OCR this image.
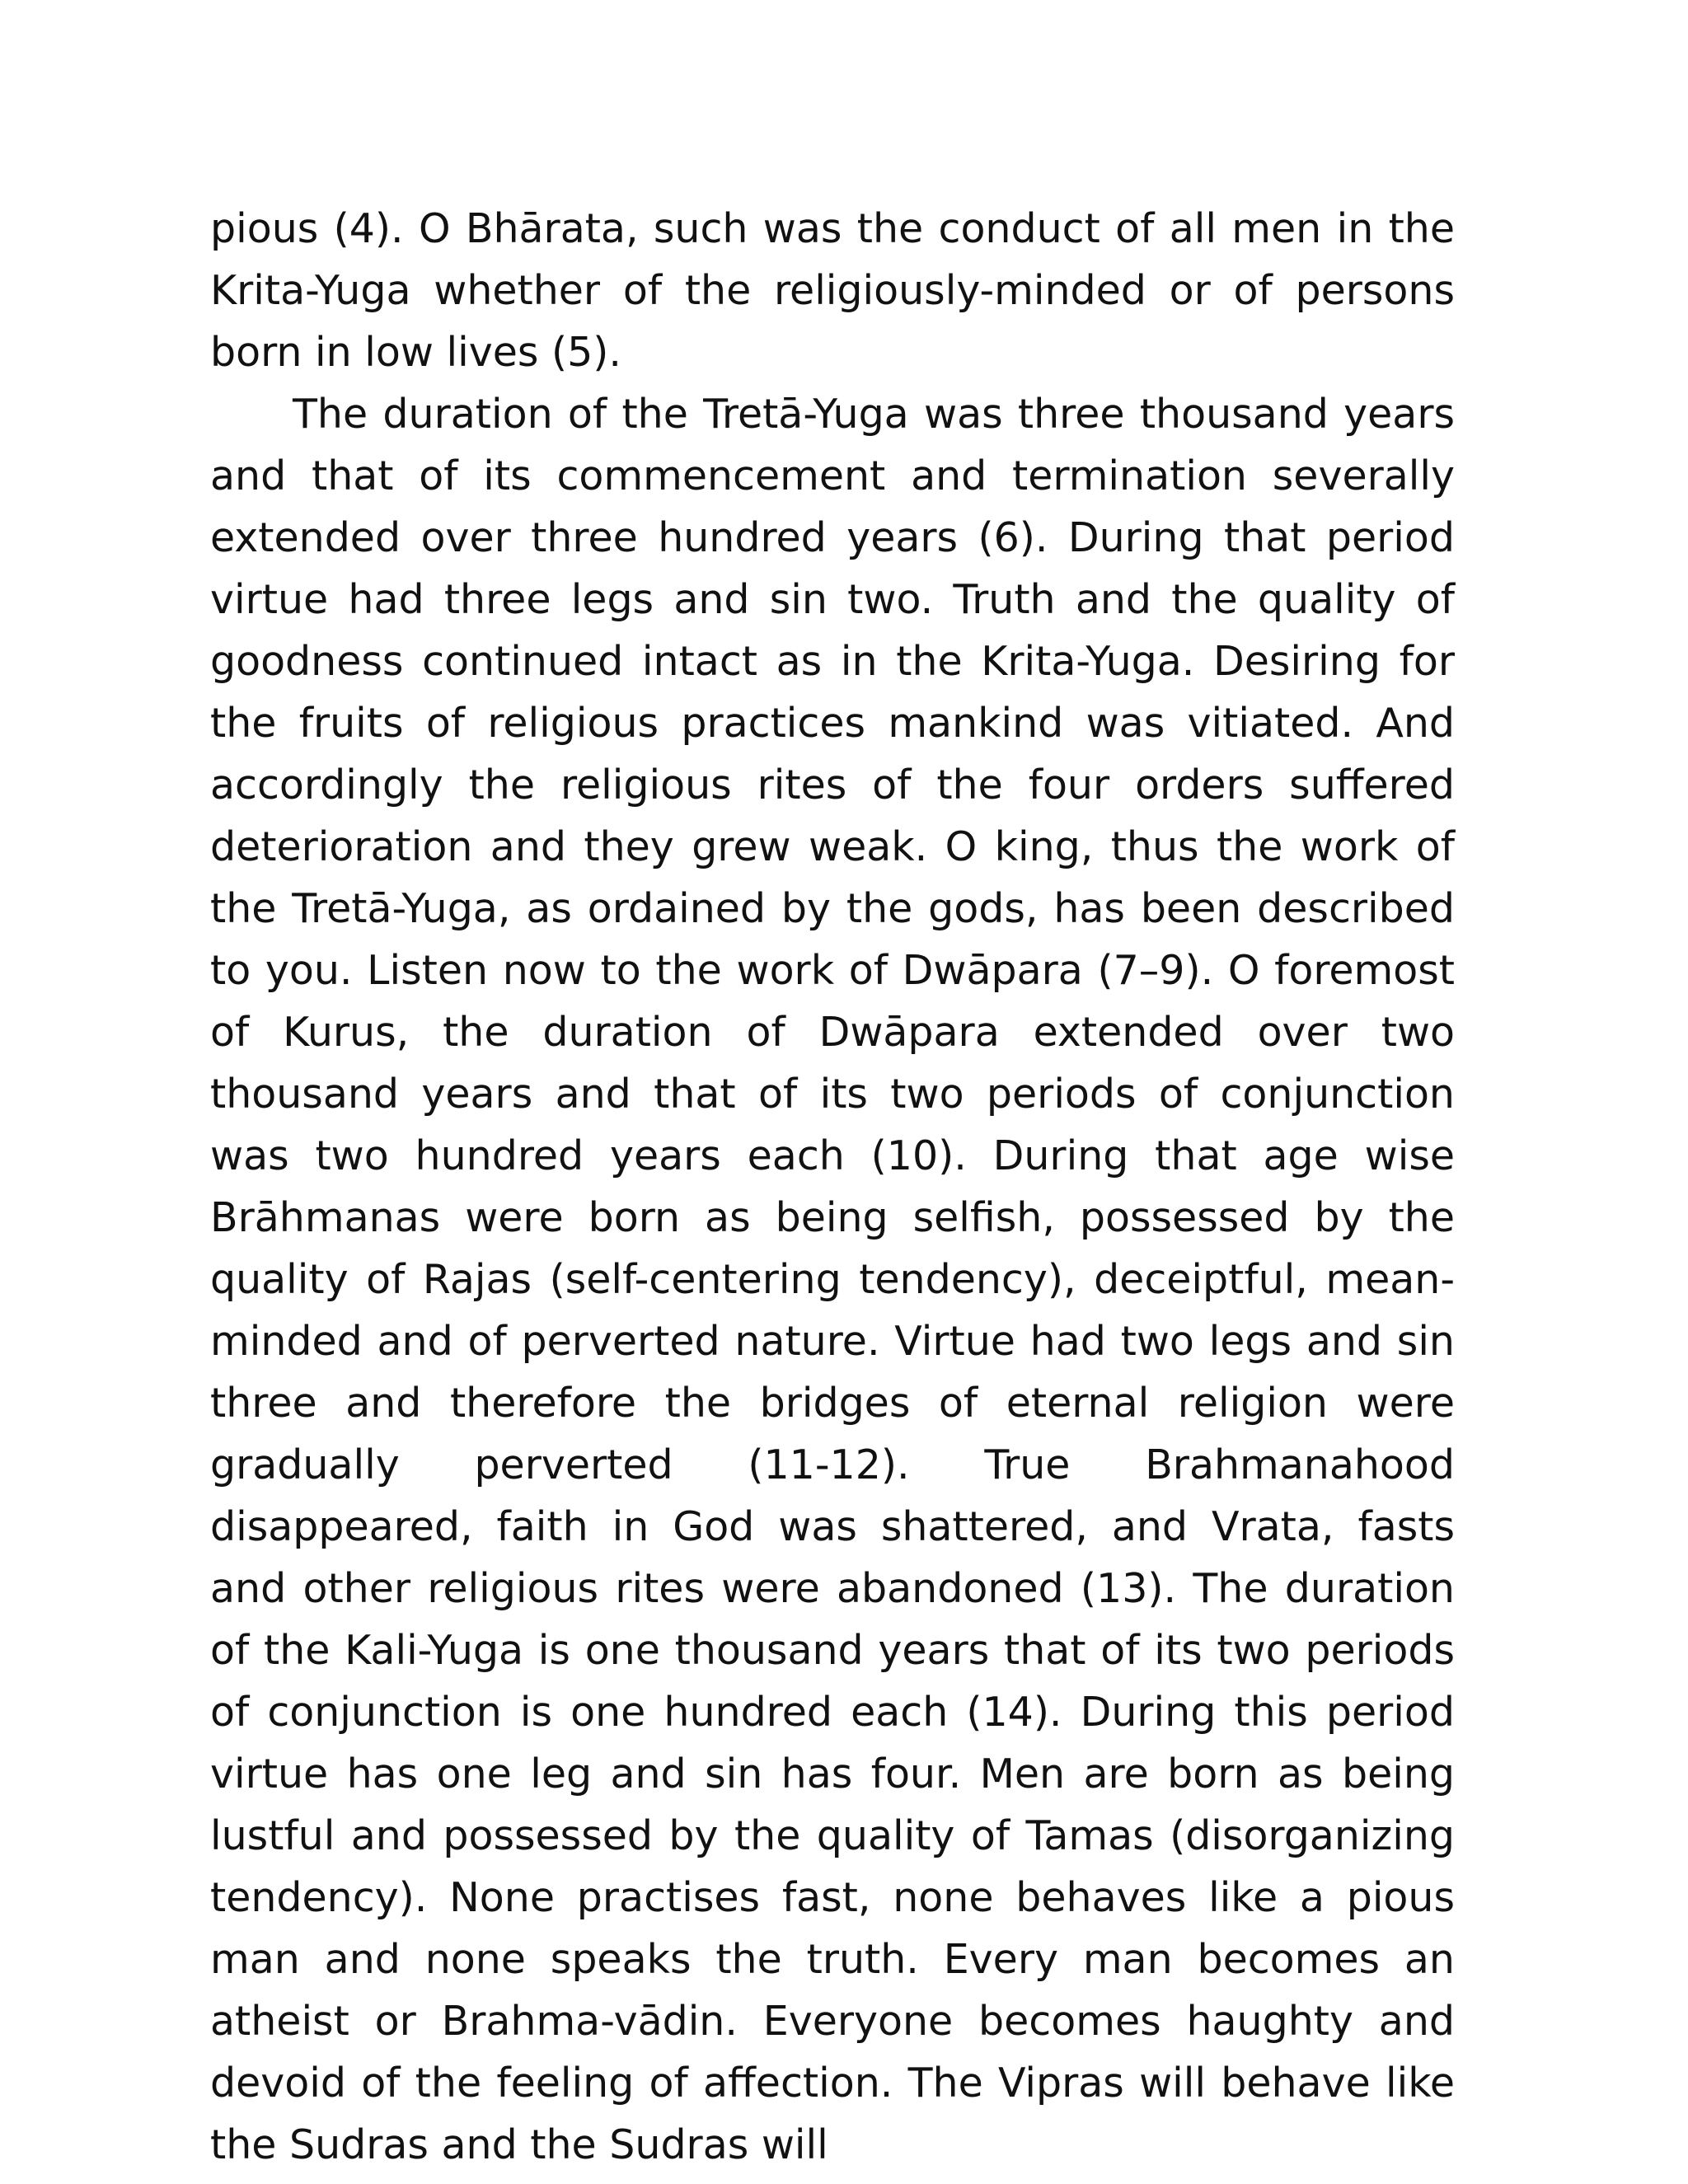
pious (4). O Bhārata, such was the conduct of all men in the Krita-Yuga whether of the religiously-minded or of persons born in low lives (5).

The duration of the Tretā-Yuga was three thousand years and that of its commencement and termination severally extended over three hundred years (6). During that period virtue had three legs and sin two. Truth and the quality of goodness continued intact as in the Krita-Yuga. Desiring for the fruits of religious practices mankind was vitiated. And accordingly the religious rites of the four orders suffered deterioration and they grew weak. O king, thus the work of the Tretā-Yuga, as ordained by the gods, has been described to you. Listen now to the work of Dwāpara (7–9). O foremost of Kurus, the duration of Dwāpara extended over two thousand years and that of its two periods of conjunction was two hundred years each (10). During that age wise Brāhmanas were born as being selfish, possessed by the quality of Rajas (self-centering tendency), deceiptful, mean-minded and of perverted nature. Virtue had two legs and sin three and therefore the bridges of eternal religion were gradually perverted (11-12). True Brahmanahood disappeared, faith in God was shattered, and Vrata, fasts and other religious rites were abandoned (13). The duration of the Kali-Yuga is one thousand years that of its two periods of conjunction is one hundred each (14). During this period virtue has one leg and sin has four. Men are born as being lustful and possessed by the quality of Tamas (disorganizing tendency). None practises fast, none behaves like a pious man and none speaks the truth. Every man becomes an atheist or Brahma-vādin. Everyone becomes haughty and devoid of the feeling of affection. The Vipras will behave like the Sudras and the Sudras will
